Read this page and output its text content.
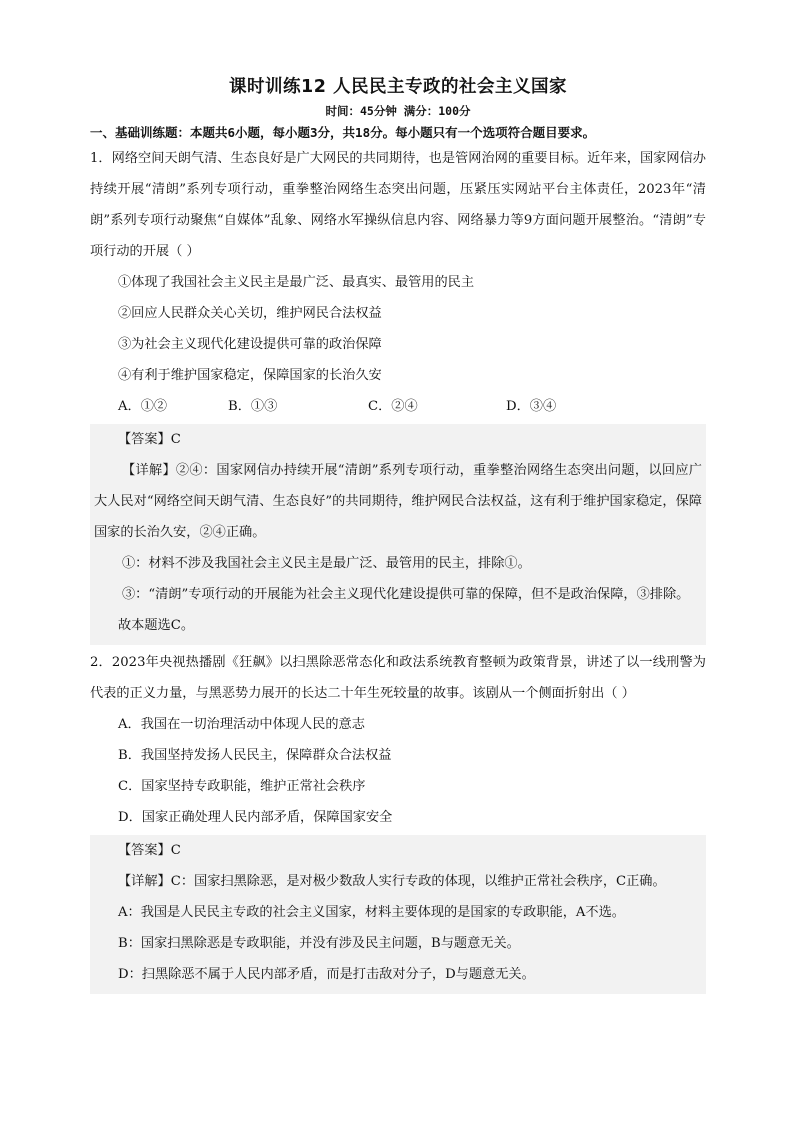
课时训练12 人民民主专政的社会主义国家
时间：45分钟 满分：100分
一、基础训练题：本题共6小题，每小题3分，共18分。每小题只有一个选项符合题目要求。

1．网络空间天朗气清、生态良好是广大网民的共同期待，也是管网治网的重要目标。近年来，国家网信办持续开展“清朗”系列专项行动，重拳整治网络生态突出问题，压紧压实网站平台主体责任，2023年“清朗”系列专项行动聚焦“自媒体”乱象、网络水军操纵信息内容、网络暴力等9方面问题开展整治。“清朗”专项行动的开展（ ）

①体现了我国社会主义民主是最广泛、最真实、最管用的民主
②回应人民群众关心关切，维护网民合法权益
③为社会主义现代化建设提供可靠的政治保障
④有利于维护国家稳定，保障国家的长治久安
A．①②	B．①③	C．②④	D．③④
【答案】C

【详解】②④：国家网信办持续开展“清朗”系列专项行动，重拳整治网络生态突出问题，以回应广大人民对“网络空间天朗气清、生态良好”的共同期待，维护网民合法权益，这有利于维护国家稳定，保障国家的长治久安，②④正确。

①：材料不涉及我国社会主义民主是最广泛、最管用的民主，排除①。

③：“清朗”专项行动的开展能为社会主义现代化建设提供可靠的保障，但不是政治保障，③排除。

故本题选C。

2．2023年央视热播剧《狂飙》以扫黑除恶常态化和政法系统教育整顿为政策背景，讲述了以一线刑警为代表的正义力量，与黑恶势力展开的长达二十年生死较量的故事。该剧从一个侧面折射出（ ）

A．我国在一切治理活动中体现人民的意志
B．我国坚持发扬人民民主，保障群众合法权益
C．国家坚持专政职能，维护正常社会秩序
D．国家正确处理人民内部矛盾，保障国家安全
【答案】C
【详解】C：国家扫黑除恶，是对极少数敌人实行专政的体现，以维护正常社会秩序，C正确。
A：我国是人民民主专政的社会主义国家，材料主要体现的是国家的专政职能，A不选。
B：国家扫黑除恶是专政职能，并没有涉及民主问题，B与题意无关。
D：扫黑除恶不属于人民内部矛盾，而是打击敌对分子，D与题意无关。
